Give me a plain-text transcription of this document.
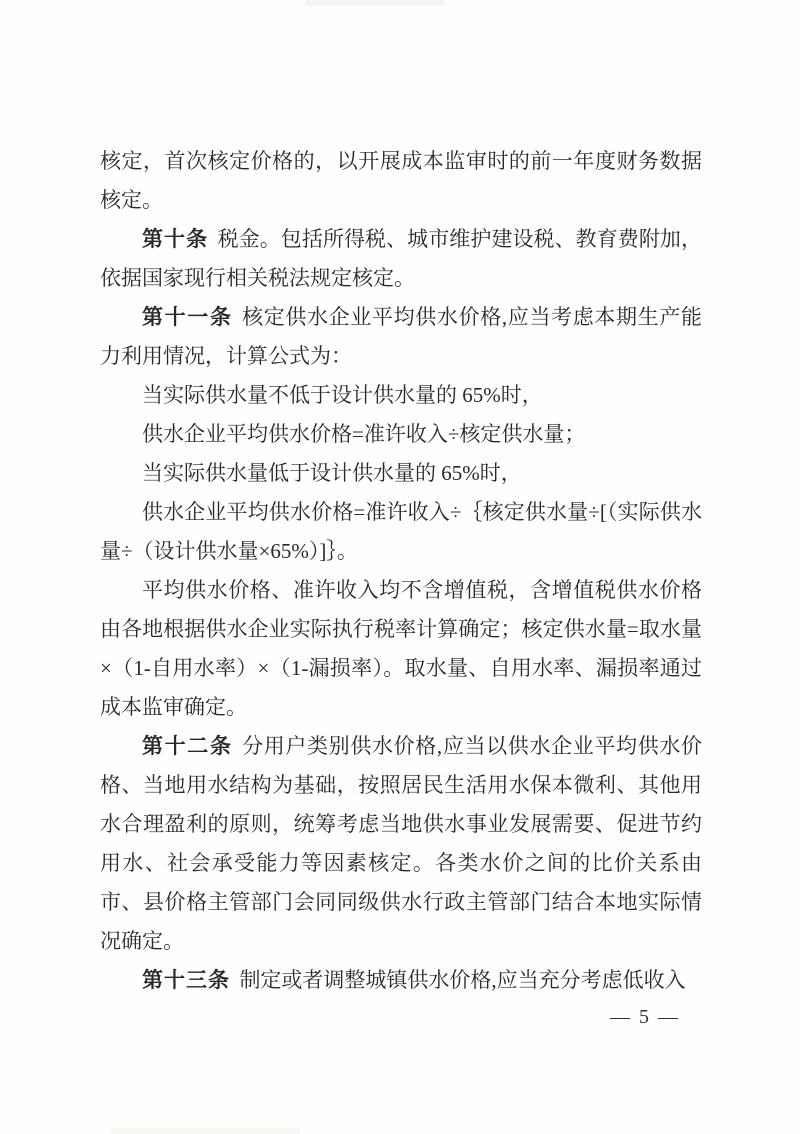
核定，首次核定价格的，以开展成本监审时的前一年度财务数据核定。

第十条 税金。包括所得税、城市维护建设税、教育费附加，依据国家现行相关税法规定核定。

第十一条 核定供水企业平均供水价格,应当考虑本期生产能力利用情况，计算公式为：

当实际供水量不低于设计供水量的 65%时，

供水企业平均供水价格=准许收入÷核定供水量；

当实际供水量低于设计供水量的 65%时，

供水企业平均供水价格=准许收入÷｛核定供水量÷[（实际供水量÷（设计供水量×65%）]｝。

平均供水价格、准许收入均不含增值税，含增值税供水价格由各地根据供水企业实际执行税率计算确定；核定供水量=取水量×（1-自用水率）×（1-漏损率）。取水量、自用水率、漏损率通过成本监审确定。

第十二条 分用户类别供水价格,应当以供水企业平均供水价格、当地用水结构为基础，按照居民生活用水保本微利、其他用水合理盈利的原则，统筹考虑当地供水事业发展需要、促进节约用水、社会承受能力等因素核定。各类水价之间的比价关系由市、县价格主管部门会同同级供水行政主管部门结合本地实际情况确定。

第十三条 制定或者调整城镇供水价格,应当充分考虑低收入

— 5 —
